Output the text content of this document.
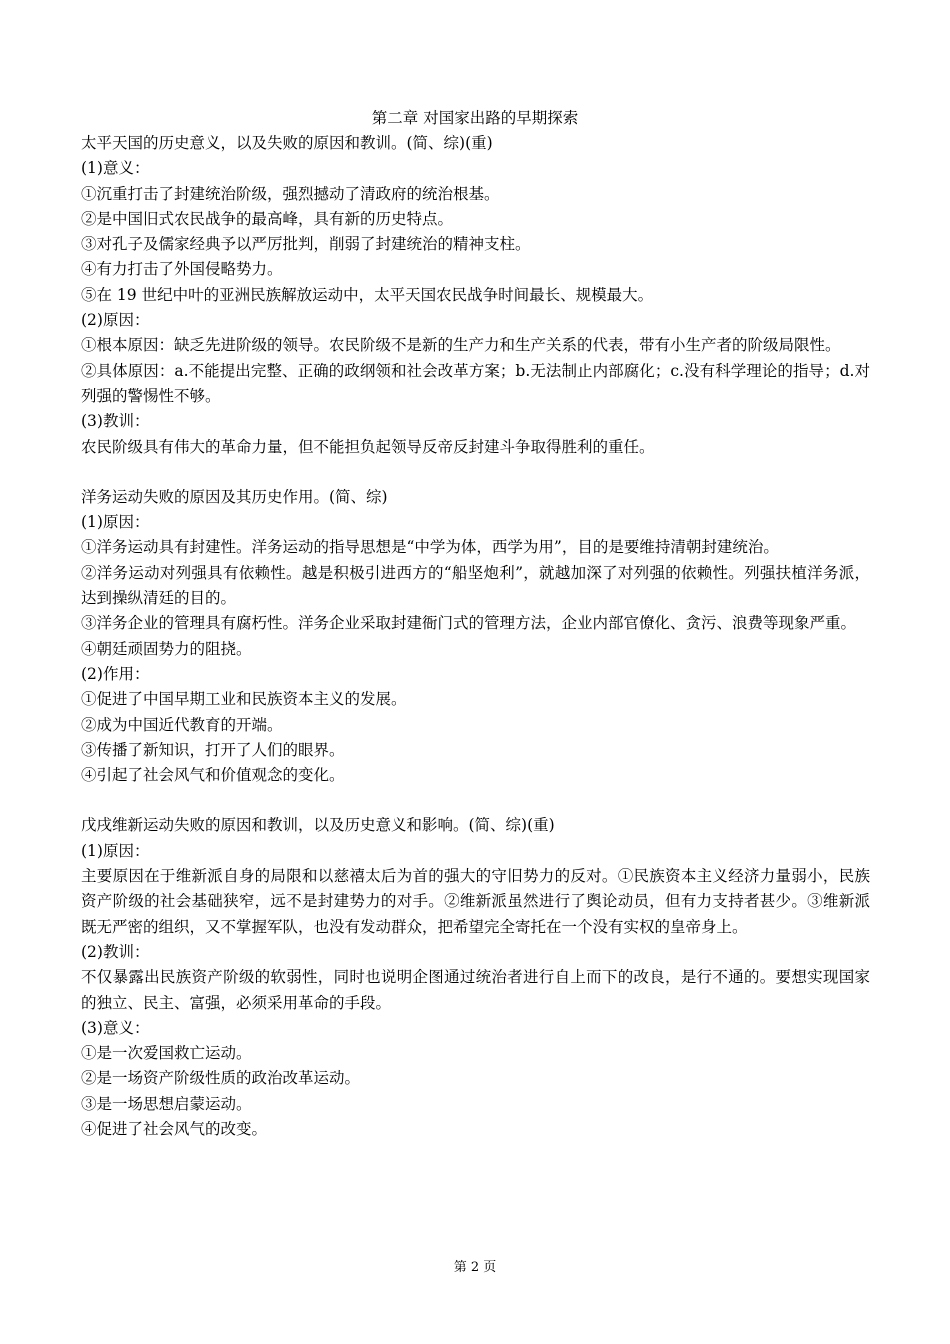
第二章 对国家出路的早期探索
太平天国的历史意义，以及失败的原因和教训。(简、综)(重)
(1)意义：
①沉重打击了封建统治阶级，强烈撼动了清政府的统治根基。
②是中国旧式农民战争的最高峰，具有新的历史特点。
③对孔子及儒家经典予以严厉批判，削弱了封建统治的精神支柱。
④有力打击了外国侵略势力。
⑤在 19 世纪中叶的亚洲民族解放运动中，太平天国农民战争时间最长、规模最大。
(2)原因：
①根本原因：缺乏先进阶级的领导。农民阶级不是新的生产力和生产关系的代表，带有小生产者的阶级局限性。
②具体原因：a.不能提出完整、正确的政纲领和社会改革方案；b.无法制止内部腐化；c.没有科学理论的指导；d.对列强的警惕性不够。
(3)教训：
农民阶级具有伟大的革命力量，但不能担负起领导反帝反封建斗争取得胜利的重任。
洋务运动失败的原因及其历史作用。(简、综)
(1)原因：
①洋务运动具有封建性。洋务运动的指导思想是“中学为体，西学为用”，目的是要维持清朝封建统治。
②洋务运动对列强具有依赖性。越是积极引进西方的“船坚炮利”，就越加深了对列强的依赖性。列强扶植洋务派，达到操纵清廷的目的。
③洋务企业的管理具有腐朽性。洋务企业采取封建衙门式的管理方法，企业内部官僚化、贪污、浪费等现象严重。
④朝廷顽固势力的阻挠。
(2)作用：
①促进了中国早期工业和民族资本主义的发展。
②成为中国近代教育的开端。
③传播了新知识，打开了人们的眼界。
④引起了社会风气和价值观念的变化。
戊戌维新运动失败的原因和教训，以及历史意义和影响。(简、综)(重)
(1)原因：
主要原因在于维新派自身的局限和以慈禧太后为首的强大的守旧势力的反对。①民族资本主义经济力量弱小，民族资产阶级的社会基础狭窄，远不是封建势力的对手。②维新派虽然进行了舆论动员，但有力支持者甚少。③维新派既无严密的组织，又不掌握军队，也没有发动群众，把希望完全寄托在一个没有实权的皇帝身上。
(2)教训：
不仅暴露出民族资产阶级的软弱性，同时也说明企图通过统治者进行自上而下的改良，是行不通的。要想实现国家的独立、民主、富强，必须采用革命的手段。
(3)意义：
①是一次爱国救亡运动。
②是一场资产阶级性质的政治改革运动。
③是一场思想启蒙运动。
④促进了社会风气的改变。
第 2 页
